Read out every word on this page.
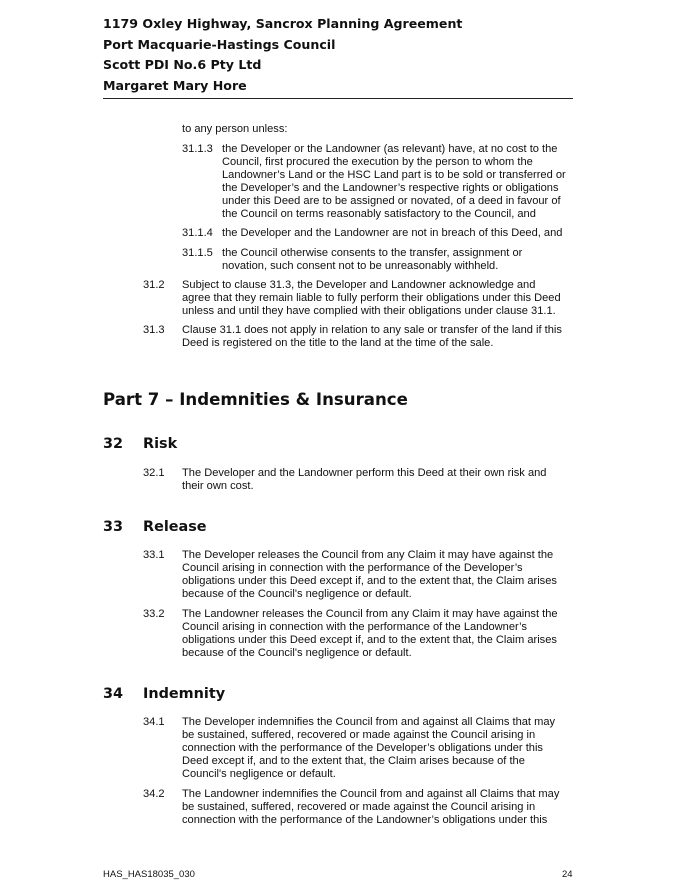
1179 Oxley Highway, Sancrox Planning Agreement
Port Macquarie-Hastings Council
Scott PDI No.6 Pty Ltd
Margaret Mary Hore
to any person unless:
31.1.3 the Developer or the Landowner (as relevant) have, at no cost to the
Council, first procured the execution by the person to whom the
Landowner’s Land or the HSC Land part is to be sold or transferred or
the Developer’s and the Landowner’s respective rights or obligations
under this Deed are to be assigned or novated, of a deed in favour of
the Council on terms reasonably satisfactory to the Council, and
31.1.4 the Developer and the Landowner are not in breach of this Deed, and
31.1.5 the Council otherwise consents to the transfer, assignment or
novation, such consent not to be unreasonably withheld.
31.2 Subject to clause 31.3, the Developer and Landowner acknowledge and
agree that they remain liable to fully perform their obligations under this Deed
unless and until they have complied with their obligations under clause 31.1.
31.3 Clause 31.1 does not apply in relation to any sale or transfer of the land if this
Deed is registered on the title to the land at the time of the sale.
Part 7 – Indemnities & Insurance
32 Risk
32.1 The Developer and the Landowner perform this Deed at their own risk and
their own cost.
33 Release
33.1 The Developer releases the Council from any Claim it may have against the
Council arising in connection with the performance of the Developer’s
obligations under this Deed except if, and to the extent that, the Claim arises
because of the Council's negligence or default.
33.2 The Landowner releases the Council from any Claim it may have against the
Council arising in connection with the performance of the Landowner’s
obligations under this Deed except if, and to the extent that, the Claim arises
because of the Council's negligence or default.
34 Indemnity
34.1 The Developer indemnifies the Council from and against all Claims that may
be sustained, suffered, recovered or made against the Council arising in
connection with the performance of the Developer’s obligations under this
Deed except if, and to the extent that, the Claim arises because of the
Council's negligence or default.
34.2 The Landowner indemnifies the Council from and against all Claims that may
be sustained, suffered, recovered or made against the Council arising in
connection with the performance of the Landowner’s obligations under this
HAS_HAS18035_030	24
